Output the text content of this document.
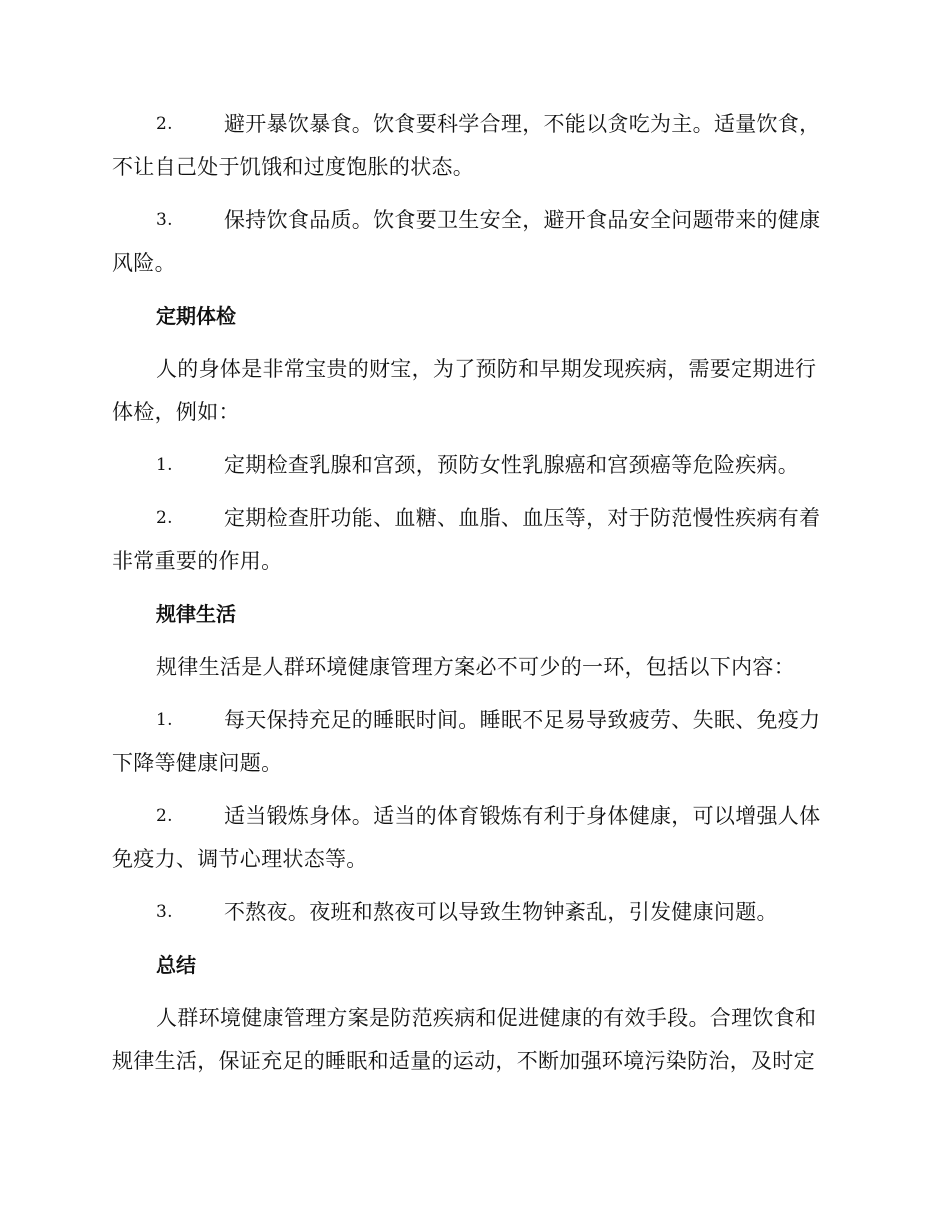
2. 避开暴饮暴食。饮食要科学合理，不能以贪吃为主。适量饮食，不让自己处于饥饿和过度饱胀的状态。
3. 保持饮食品质。饮食要卫生安全，避开食品安全问题带来的健康风险。
定期体检
人的身体是非常宝贵的财宝，为了预防和早期发现疾病，需要定期进行体检，例如：
1. 定期检查乳腺和宫颈，预防女性乳腺癌和宫颈癌等危险疾病。
2. 定期检查肝功能、血糖、血脂、血压等，对于防范慢性疾病有着非常重要的作用。
规律生活
规律生活是人群环境健康管理方案必不可少的一环，包括以下内容：
1. 每天保持充足的睡眠时间。睡眠不足易导致疲劳、失眠、免疫力下降等健康问题。
2. 适当锻炼身体。适当的体育锻炼有利于身体健康，可以增强人体免疫力、调节心理状态等。
3. 不熬夜。夜班和熬夜可以导致生物钟紊乱，引发健康问题。
总结
人群环境健康管理方案是防范疾病和促进健康的有效手段。合理饮食和规律生活，保证充足的睡眠和适量的运动，不断加强环境污染防治，及时定
